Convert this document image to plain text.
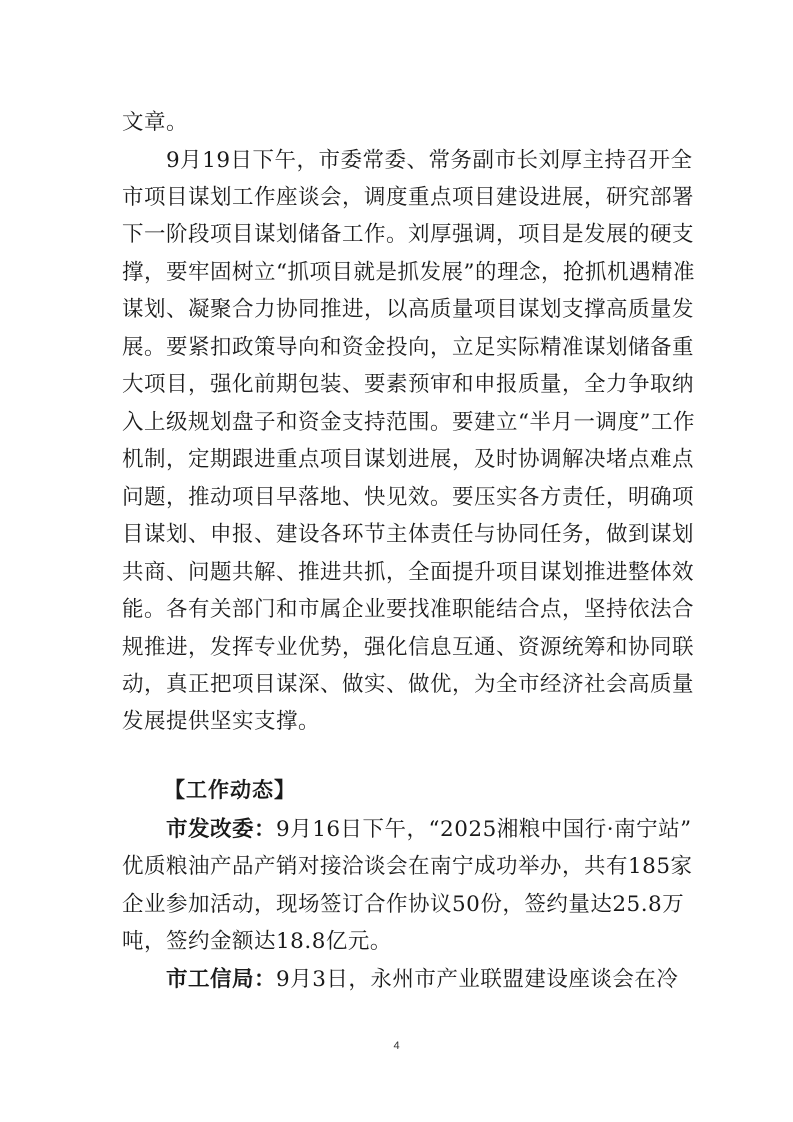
文章。
9月19日下午，市委常委、常务副市长刘厚主持召开全
市项目谋划工作座谈会，调度重点项目建设进展，研究部署
下一阶段项目谋划储备工作。刘厚强调，项目是发展的硬支
撑，要牢固树立“抓项目就是抓发展”的理念，抢抓机遇精准
谋划、凝聚合力协同推进，以高质量项目谋划支撑高质量发
展。要紧扣政策导向和资金投向，立足实际精准谋划储备重
大项目，强化前期包装、要素预审和申报质量，全力争取纳
入上级规划盘子和资金支持范围。要建立“半月一调度”工作
机制，定期跟进重点项目谋划进展，及时协调解决堵点难点
问题，推动项目早落地、快见效。要压实各方责任，明确项
目谋划、申报、建设各环节主体责任与协同任务，做到谋划
共商、问题共解、推进共抓，全面提升项目谋划推进整体效
能。各有关部门和市属企业要找准职能结合点，坚持依法合
规推进，发挥专业优势，强化信息互通、资源统筹和协同联
动，真正把项目谋深、做实、做优，为全市经济社会高质量
发展提供坚实支撑。
【工作动态】
市发改委：9月16日下午，“2025湘粮中国行·南宁站”
优质粮油产品产销对接洽谈会在南宁成功举办，共有185家
企业参加活动，现场签订合作协议50份，签约量达25.8万
吨，签约金额达18.8亿元。
市工信局：9月3日，永州市产业联盟建设座谈会在冷
4
